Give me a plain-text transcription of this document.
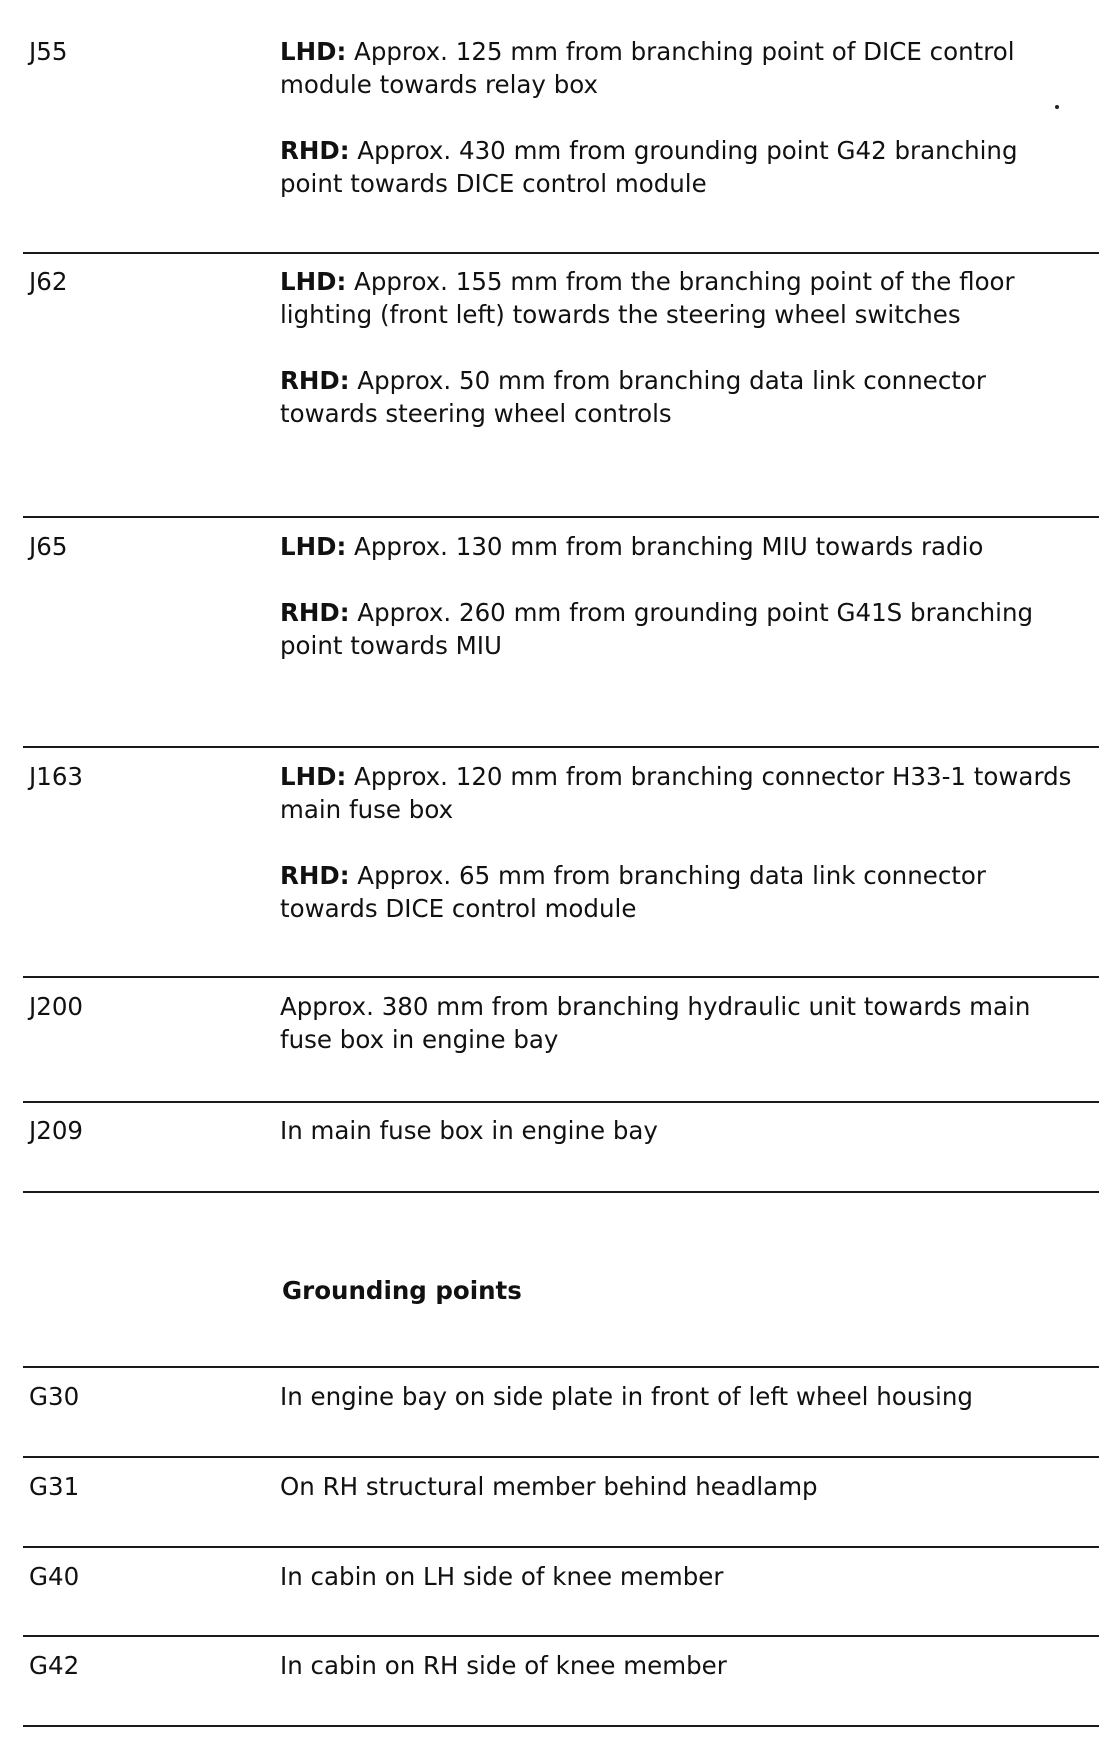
J55	LHD: Approx. 125 mm from branching point of DICE control module towards relay box

RHD: Approx. 430 mm from grounding point G42 branching point towards DICE control module

J62	LHD: Approx. 155 mm from the branching point of the floor lighting (front left) towards the steering wheel switches

RHD: Approx. 50 mm from branching data link connector towards steering wheel controls

J65	LHD: Approx. 130 mm from branching MIU towards radio

RHD: Approx. 260 mm from grounding point G41S branching point towards MIU

J163	LHD: Approx. 120 mm from branching connector H33-1 towards main fuse box

RHD: Approx. 65 mm from branching data link connector towards DICE control module

J200	Approx. 380 mm from branching hydraulic unit towards main fuse box in engine bay
J209	In main fuse box in engine bay
Grounding points
G30	In engine bay on side plate in front of left wheel housing
G31	On RH structural member behind headlamp
G40	In cabin on LH side of knee member
G42	In cabin on RH side of knee member
